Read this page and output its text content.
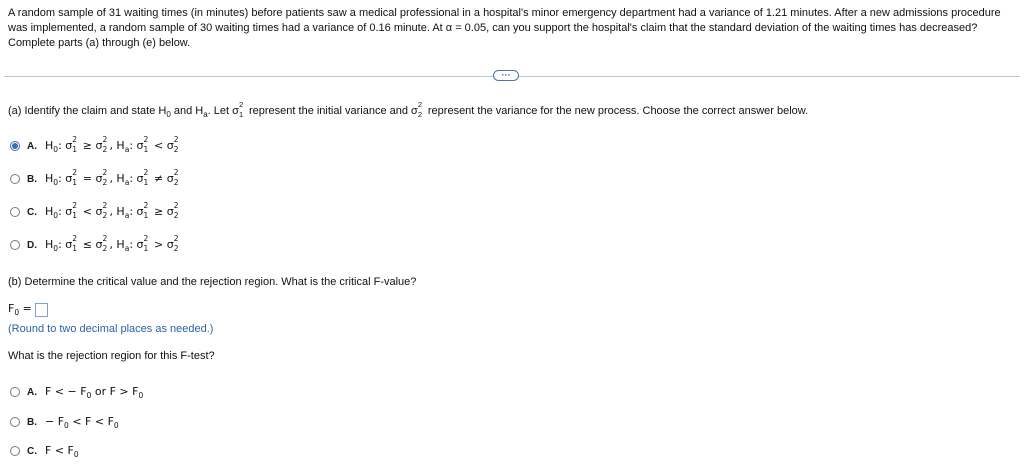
A random sample of 31 waiting times (in minutes) before patients saw a medical professional in a hospital's minor emergency department had a variance of 1.21 minutes. After a new admissions procedure was implemented, a random sample of 30 waiting times had a variance of 0.16 minute. At α = 0.05, can you support the hospital's claim that the standard deviation of the waiting times has decreased? Complete parts (a) through (e) below.
···
(a) Identify the claim and state $H_0$ and $H_a$. Let σ
2
1 represent the initial variance and σ
2
2 represent the variance for the new process. Choose the correct answer below.
A. $H_0$: σ 2
1 ≥ σ 2
2 , $H_a$: σ 2
1 < σ 2
2
B. $H_0$: σ 2
1 = σ 2
2 , $H_a$: σ 2
1 ≠ σ 2
2
C. $H_0$: σ 2
1 < σ 2
2 , $H_a$: σ 2
1 ≥ σ 2
2
D. $H_0$: σ 2
1 ≤ σ 2
2 , $H_a$: σ 2
1 > σ 2
2
(b) Determine the critical value and the rejection region. What is the critical F-value?
$F_0$ =
(Round to two decimal places as needed.)
What is the rejection region for this F-test?
A. F < − $F_0$ or $F > F_0$
B. − $F_0 < F < F_0$
C. $F < F_0$
